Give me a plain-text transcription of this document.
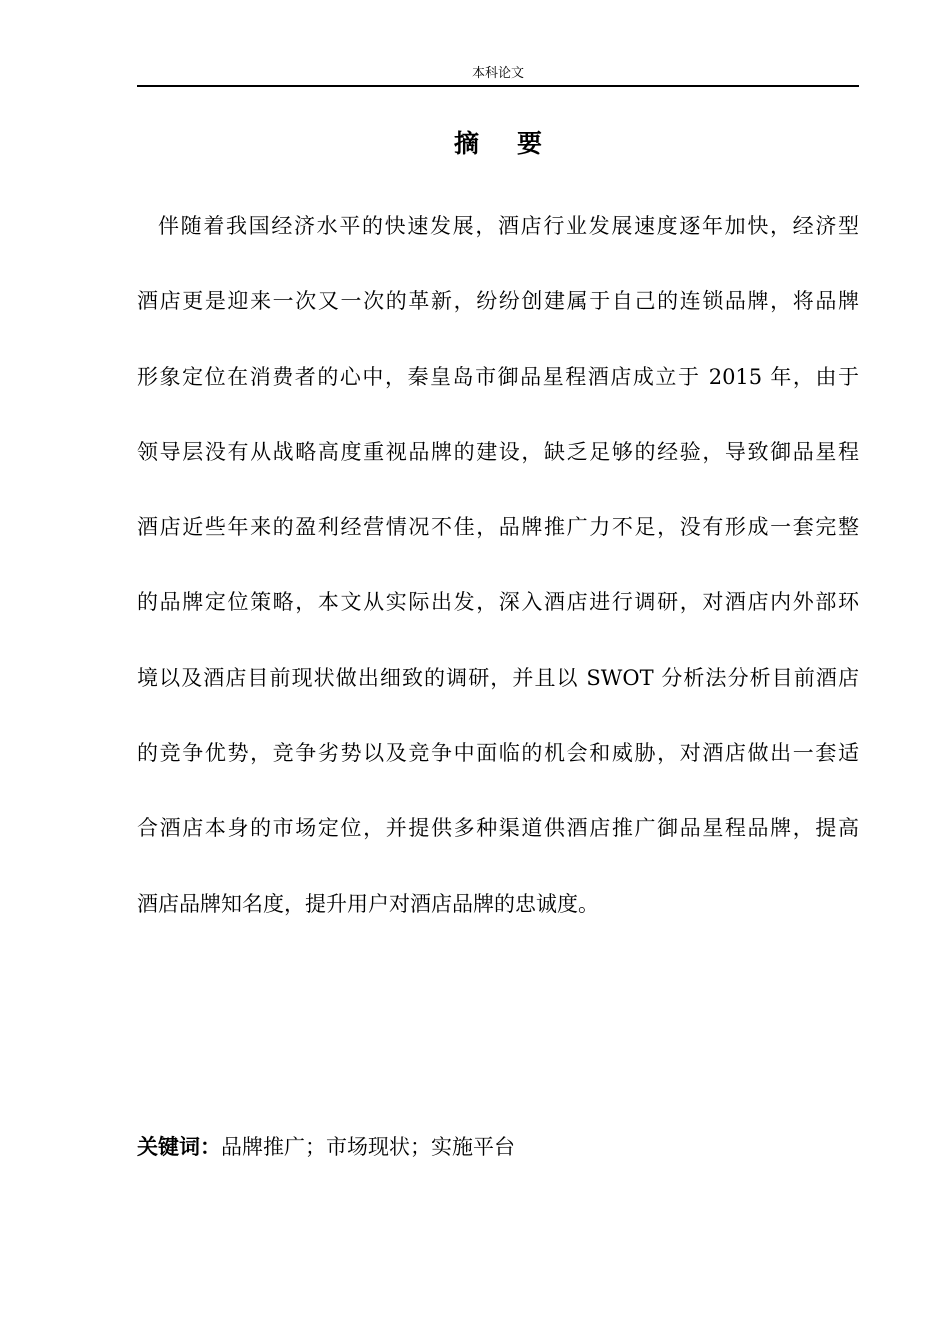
本科论文
摘要
伴随着我国经济水平的快速发展，酒店行业发展速度逐年加快，经济型
酒店更是迎来一次又一次的革新，纷纷创建属于自己的连锁品牌，将品牌
形象定位在消费者的心中，秦皇岛市御品星程酒店成立于 2015 年，由于
领导层没有从战略高度重视品牌的建设，缺乏足够的经验，导致御品星程
酒店近些年来的盈利经营情况不佳，品牌推广力不足，没有形成一套完整
的品牌定位策略，本文从实际出发，深入酒店进行调研，对酒店内外部环
境以及酒店目前现状做出细致的调研，并且以 SWOT 分析法分析目前酒店
的竞争优势，竞争劣势以及竞争中面临的机会和威胁，对酒店做出一套适
合酒店本身的市场定位，并提供多种渠道供酒店推广御品星程品牌，提高
酒店品牌知名度，提升用户对酒店品牌的忠诚度。
关键词：品牌推广；市场现状；实施平台
